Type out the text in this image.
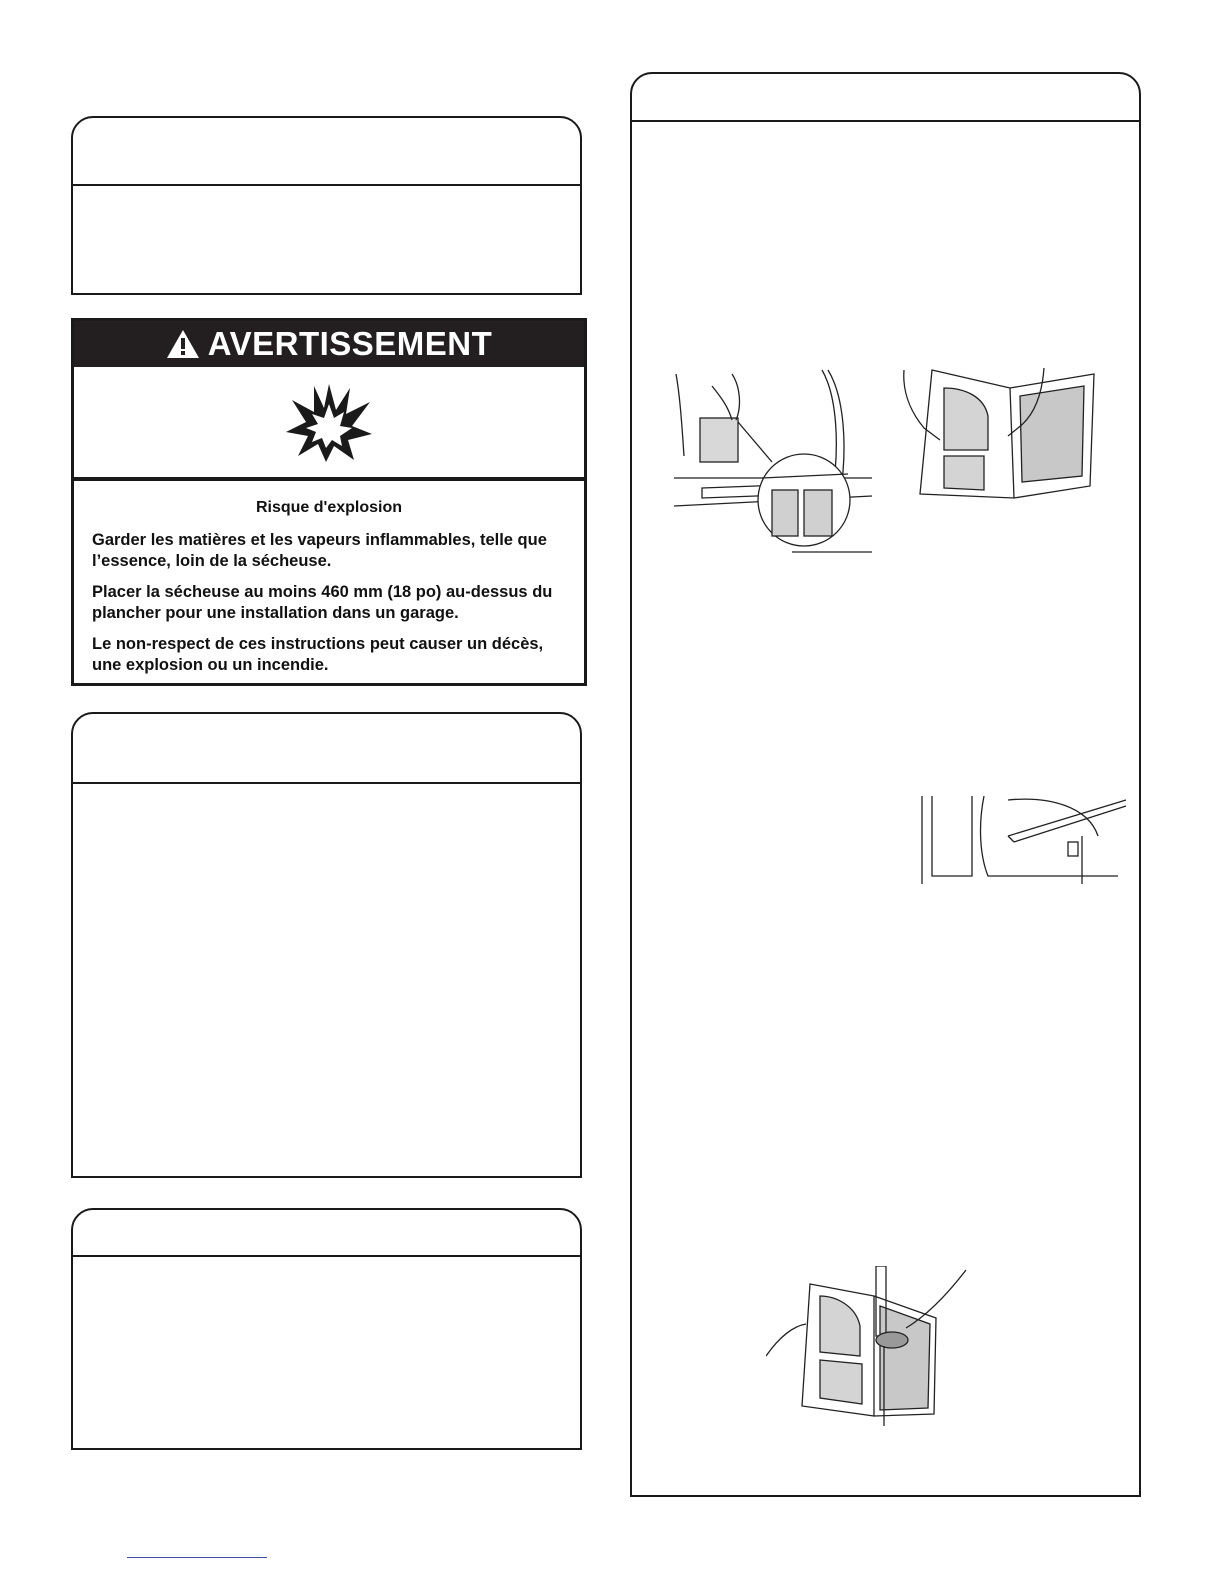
AVERTISSEMENT
Risque d'explosion

Garder les matières et les vapeurs inflammables, telle que l’essence, loin de la sécheuse.

Placer la sécheuse au moins 460 mm (18 po) au-dessus du plancher pour une installation dans un garage.

Le non-respect de ces instructions peut causer un décès, une explosion ou un incendie.
